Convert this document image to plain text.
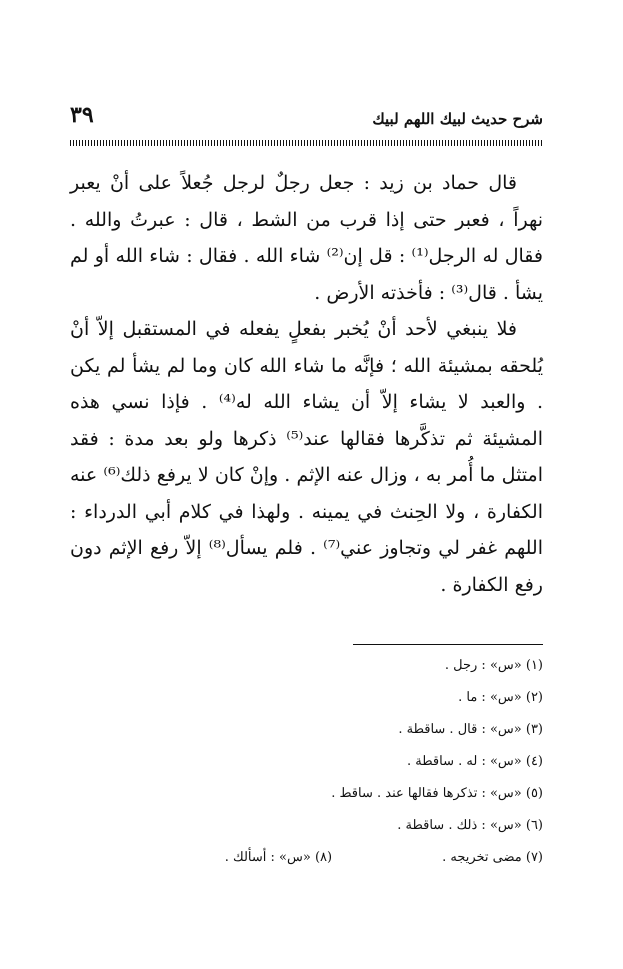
شرح حديث لبيك اللهم لبيك
٣٩

قال حماد بن زيد : جعل رجلٌ لرجل جُعلاً على أنْ يعبر نهراً ، فعبر حتى إذا قرب من الشط ، قال : عبرتُ والله . فقال له الرجل⁽¹⁾ : قل إن⁽²⁾ شاء الله . فقال : شاء الله أو لم يشأ . قال⁽³⁾ : فأخذته الأرض .

فلا ينبغي لأحد أنْ يُخبر بفعلٍ يفعله في المستقبل إلاّ أنْ يُلحقه بمشيئة الله ؛ فإنَّه ما شاء الله كان وما لم يشأ لم يكن . والعبد لا يشاء إلاّ أن يشاء الله له⁽⁴⁾ . فإذا نسي هذه المشيئة ثم تذكَّرها فقالها عند⁽⁵⁾ ذكرها ولو بعد مدة : فقد امتثل ما أُمر به ، وزال عنه الإثم . وإنْ كان لا يرفع ذلك⁽⁶⁾ عنه الكفارة ، ولا الحِنث في يمينه . ولهذا في كلام أبي الدرداء : اللهم غفر لي وتجاوز عني⁽⁷⁾ . فلم يسأل⁽⁸⁾ إلاّ رفع الإثم دون رفع الكفارة .

(١) «س» : رجل .
(٢) «س» : ما .
(٣) «س» : قال . ساقطة .
(٤) «س» : له . ساقطة .
(٥) «س» : تذكرها فقالها عند . ساقط .
(٦) «س» : ذلك . ساقطة .
(٧) مضى تخريجه .
(٨) «س» : أسألك .
